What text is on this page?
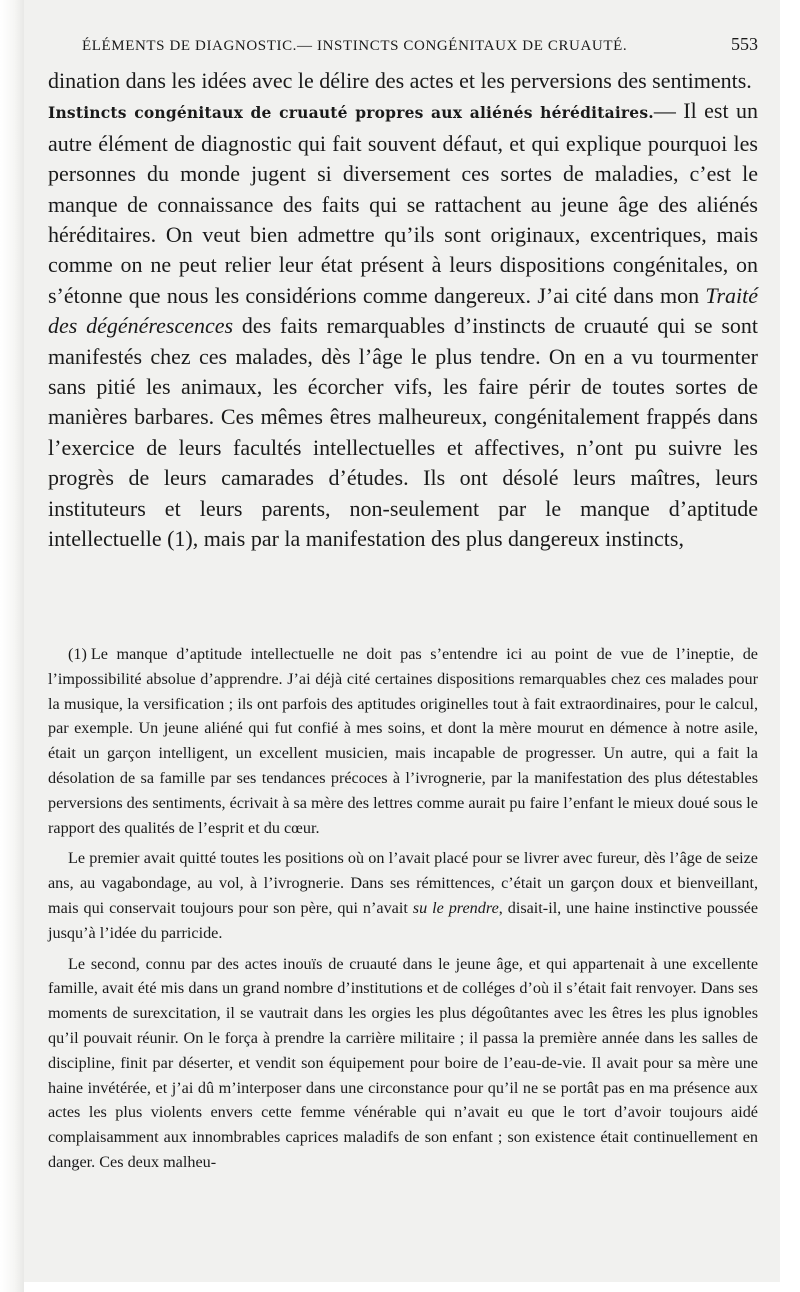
ÉLÉMENTS DE DIAGNOSTIC.— INSTINCTS CONGÉNITAUX DE CRUAUTÉ.	553

dination dans les idées avec le délire des actes et les perversions des sentiments.

Instincts congénitaux de cruauté propres aux aliénés héréditaires.— Il est un autre élément de diagnostic qui fait souvent défaut, et qui explique pourquoi les personnes du monde jugent si diversement ces sortes de maladies, c’est le manque de connaissance des faits qui se rattachent au jeune âge des aliénés héréditaires. On veut bien admettre qu’ils sont originaux, excentriques, mais comme on ne peut relier leur état présent à leurs dispositions congénitales, on s’étonne que nous les considérions comme dangereux. J’ai cité dans mon Traité des dégénérescences des faits remarquables d’instincts de cruauté qui se sont manifestés chez ces malades, dès l’âge le plus tendre. On en a vu tourmenter sans pitié les animaux, les écorcher vifs, les faire périr de toutes sortes de manières barbares. Ces mêmes êtres malheureux, congénitalement frappés dans l’exercice de leurs facultés intellectuelles et affectives, n’ont pu suivre les progrès de leurs camarades d’études. Ils ont désolé leurs maîtres, leurs instituteurs et leurs parents, non-seulement par le manque d’aptitude intellectuelle (1), mais par la manifestation des plus dangereux instincts,

(1) Le manque d’aptitude intellectuelle ne doit pas s’entendre ici au point de vue de l’ineptie, de l’impossibilité absolue d’apprendre. J’ai déjà cité certaines dispositions remarquables chez ces malades pour la musique, la versification ; ils ont parfois des aptitudes originelles tout à fait extraordinaires, pour le calcul, par exemple. Un jeune aliéné qui fut confié à mes soins, et dont la mère mourut en démence à notre asile, était un garçon intelligent, un excellent musicien, mais incapable de progresser. Un autre, qui a fait la désolation de sa famille par ses tendances précoces à l’ivrognerie, par la manifestation des plus détestables perversions des sentiments, écrivait à sa mère des lettres comme aurait pu faire l’enfant le mieux doué sous le rapport des qualités de l’esprit et du cœur.

Le premier avait quitté toutes les positions où on l’avait placé pour se livrer avec fureur, dès l’âge de seize ans, au vagabondage, au vol, à l’ivrognerie. Dans ses rémittences, c’était un garçon doux et bienveillant, mais qui conservait toujours pour son père, qui n’avait su le prendre, disait-il, une haine instinctive poussée jusqu’à l’idée du parricide.

Le second, connu par des actes inouïs de cruauté dans le jeune âge, et qui appartenait à une excellente famille, avait été mis dans un grand nombre d’institutions et de colléges d’où il s’était fait renvoyer. Dans ses moments de surexcitation, il se vautrait dans les orgies les plus dégoûtantes avec les êtres les plus ignobles qu’il pouvait réunir. On le força à prendre la carrière militaire ; il passa la première année dans les salles de discipline, finit par déserter, et vendit son équipement pour boire de l’eau-de-vie. Il avait pour sa mère une haine invétérée, et j’ai dû m’interposer dans une circonstance pour qu’il ne se portât pas en ma présence aux actes les plus violents envers cette femme vénérable qui n’avait eu que le tort d’avoir toujours aidé complaisamment aux innombrables caprices maladifs de son enfant ; son existence était continuellement en danger. Ces deux malheu-
